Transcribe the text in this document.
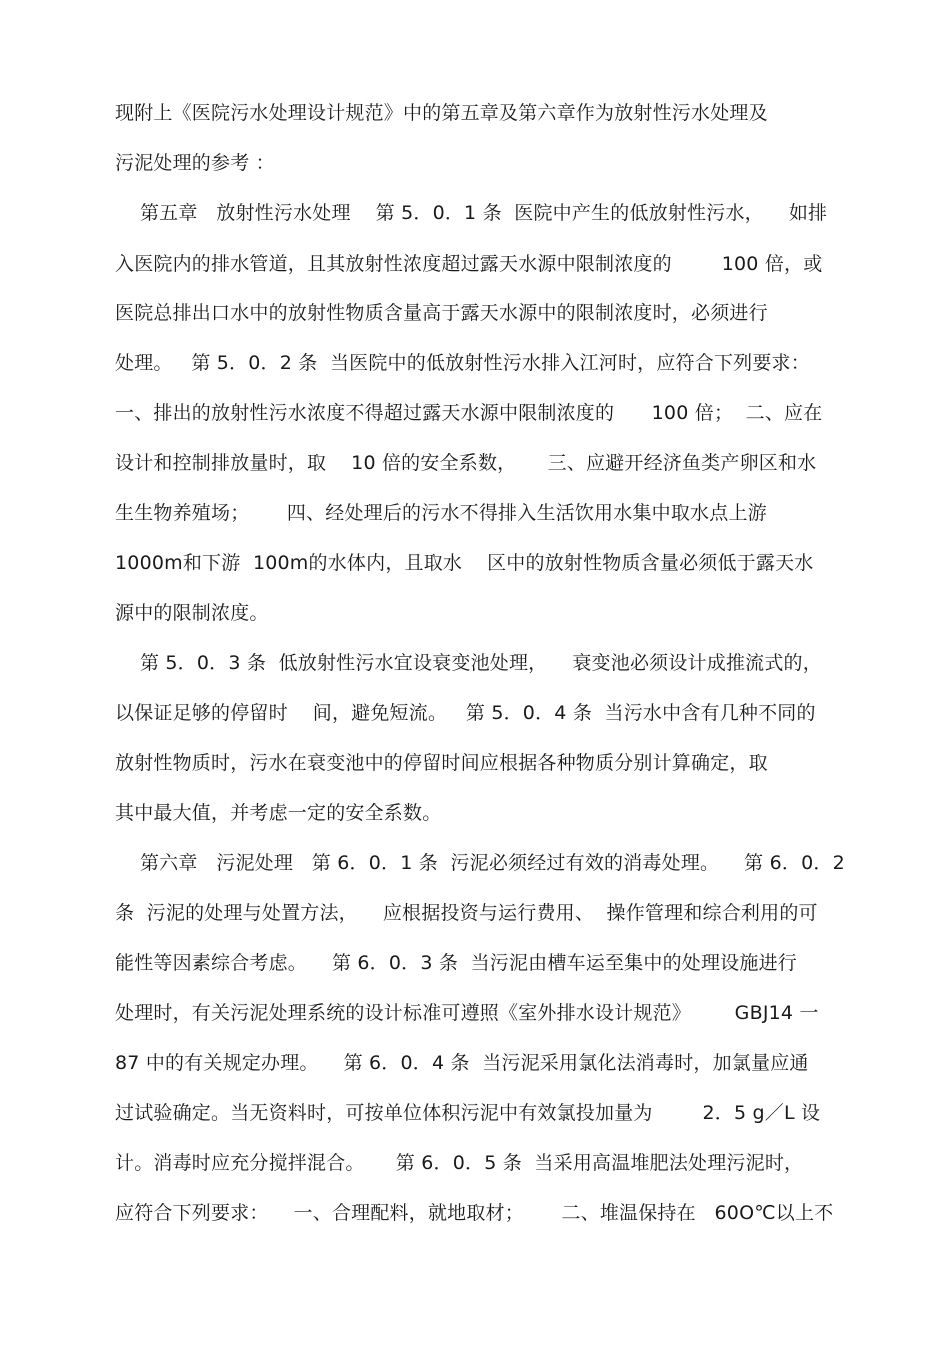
现附上《医院污水处理设计规范》中的第五章及第六章作为放射性污水处理及
污泥处理的参考 ：
第五章   放射性污水处理    第 5．0．1 条  医院中产生的低放射性污水，    如排
入医院内的排水管道，且其放射性浓度超过露天水源中限制浓度的        100 倍，或
医院总排出口水中的放射性物质含量高于露天水源中的限制浓度时，必须进行
处理。   第 5．0．2 条  当医院中的低放射性污水排入江河时，应符合下列要求：
一、排出的放射性污水浓度不得超过露天水源中限制浓度的      100 倍；  二、应在
设计和控制排放量时，取    10 倍的安全系数，     三、应避开经济鱼类产卵区和水
生生物养殖场；      四、经处理后的污水不得排入生活饮用水集中取水点上游
1000m和下游  100m的水体内，且取水    区中的放射性物质含量必须低于露天水
源中的限制浓度。
第 5．0．3 条  低放射性污水宜设衰变池处理，    衰变池必须设计成推流式的，
以保证足够的停留时    间，避免短流。   第 5．0．4 条  当污水中含有几种不同的
放射性物质时，污水在衰变池中的停留时间应根据各种物质分别计算确定，取
其中最大值，并考虑一定的安全系数。
第六章   污泥处理   第 6．0．1 条  污泥必须经过有效的消毒处理。    第 6．0．2
条  污泥的处理与处置方法，    应根据投资与运行费用、  操作管理和综合利用的可
能性等因素综合考虑。    第 6．0．3 条  当污泥由槽车运至集中的处理设施进行
处理时，有关污泥处理系统的设计标准可遵照《室外排水设计规范》       GBJ14 一
87 中的有关规定办理。    第 6．0．4 条  当污泥采用氯化法消毒时，加氯量应通
过试验确定。当无资料时，可按单位体积污泥中有效氯投加量为        2．5 g／L 设
计。消毒时应充分搅拌混合。     第 6．0．5 条  当采用高温堆肥法处理污泥时，
应符合下列要求：    一、合理配料，就地取材；      二、堆温保持在   60O℃以上不
